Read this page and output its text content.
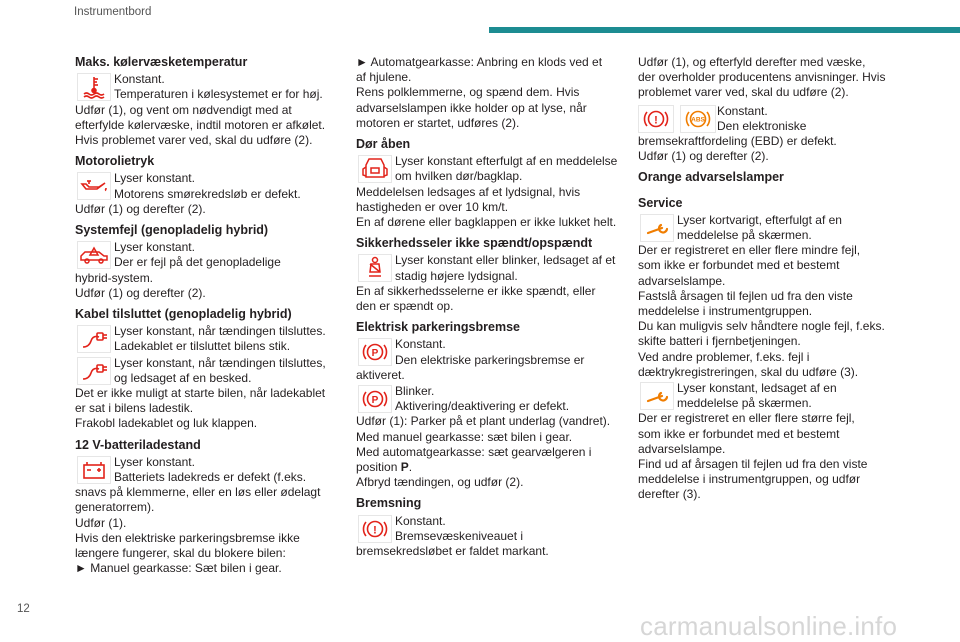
Instrumentbord

Maks. kølervæsketemperatur

Konstant.

Temperaturen i kølesystemet er for høj.

Udfør (1), og vent om nødvendigt med at

efterfylde kølervæske, indtil motoren er afkølet.

Hvis problemet varer ved, skal du udføre (2).

Motorolietryk

Lyser konstant.

Motorens smørekredsløb er defekt.

Udfør (1) og derefter (2).

Systemfejl (genopladelig hybrid)

! Lyser konstant.

Der er fejl på det genopladelige

hybrid-system.

Udfør (1) og derefter (2).

Kabel tilsluttet (genopladelig hybrid)

Lyser konstant, når tændingen tilsluttes.

Ladekablet er tilsluttet bilens stik.

Lyser konstant, når tændingen tilsluttes,

og ledsaget af en besked.

Det er ikke muligt at starte bilen, når ladekablet

er sat i bilens ladestik.

Frakobl ladekablet og luk klappen.

12 V-batteriladestand

Lyser konstant.

Batteriets ladekreds er defekt (f.eks.

snavs på klemmerne, eller en løs eller ødelagt

generatorrem).

Udfør (1).

Hvis den elektriske parkeringsbremse ikke

længere fungerer, skal du blokere bilen:

► Manuel gearkasse: Sæt bilen i gear.

► Automatgearkasse: Anbring en klods ved et

af hjulene.

Rens polklemmerne, og spænd dem. Hvis

advarselslampen ikke holder op at lyse, når

motoren er startet, udføres (2).

Dør åben

Lyser konstant efterfulgt af en meddelelse

om hvilken dør/bagklap.

Meddelelsen ledsages af et lydsignal, hvis

hastigheden er over 10 km/t.

En af dørene eller bagklappen er ikke lukket helt.

Sikkerhedsseler ikke spændt/opspændt

Lyser konstant eller blinker, ledsaget af et

stadig højere lydsignal.

En af sikkerhedsselerne er ikke spændt, eller

den er spændt op.

Elektrisk parkeringsbremse

P

Konstant.

Den elektriske parkeringsbremse er

aktiveret.

P

Blinker.

Aktivering/deaktivering er defekt.

Udfør (1): Parker på et plant underlag (vandret).

Med manuel gearkasse: sæt bilen i gear.

Med automatgearkasse: sæt gearvælgeren i

position P.

Afbryd tændingen, og udfør (2).

Bremsning

!

Konstant.

Bremsevæskeniveauet i

bremsekredsløbet er faldet markant.

Udfør (1), og efterfyld derefter med væske,

der overholder producentens anvisninger. Hvis

problemet varer ved, skal du udføre (2).

!	ABS

Konstant.

Den elektroniske

bremsekraftfordeling (EBD) er defekt.

Udfør (1) og derefter (2).

Orange advarselslamper

Service

Lyser kortvarigt, efterfulgt af en

meddelelse på skærmen.

Der er registreret en eller flere mindre fejl,

som ikke er forbundet med et bestemt

advarselslampe.

Fastslå årsagen til fejlen ud fra den viste

meddelelse i instrumentgruppen.

Du kan muligvis selv håndtere nogle fejl, f.eks.

skifte batteri i fjernbetjeningen.

Ved andre problemer, f.eks. fejl i

dæktrykregistreringen, skal du udføre (3).

Lyser konstant, ledsaget af en

meddelelse på skærmen.

Der er registreret en eller flere større fejl,

som ikke er forbundet med et bestemt

advarselslampe.

Find ud af årsagen til fejlen ud fra den viste

meddelelse i instrumentgruppen, og udfør

derefter (3).

12
carmanualsonline.info
